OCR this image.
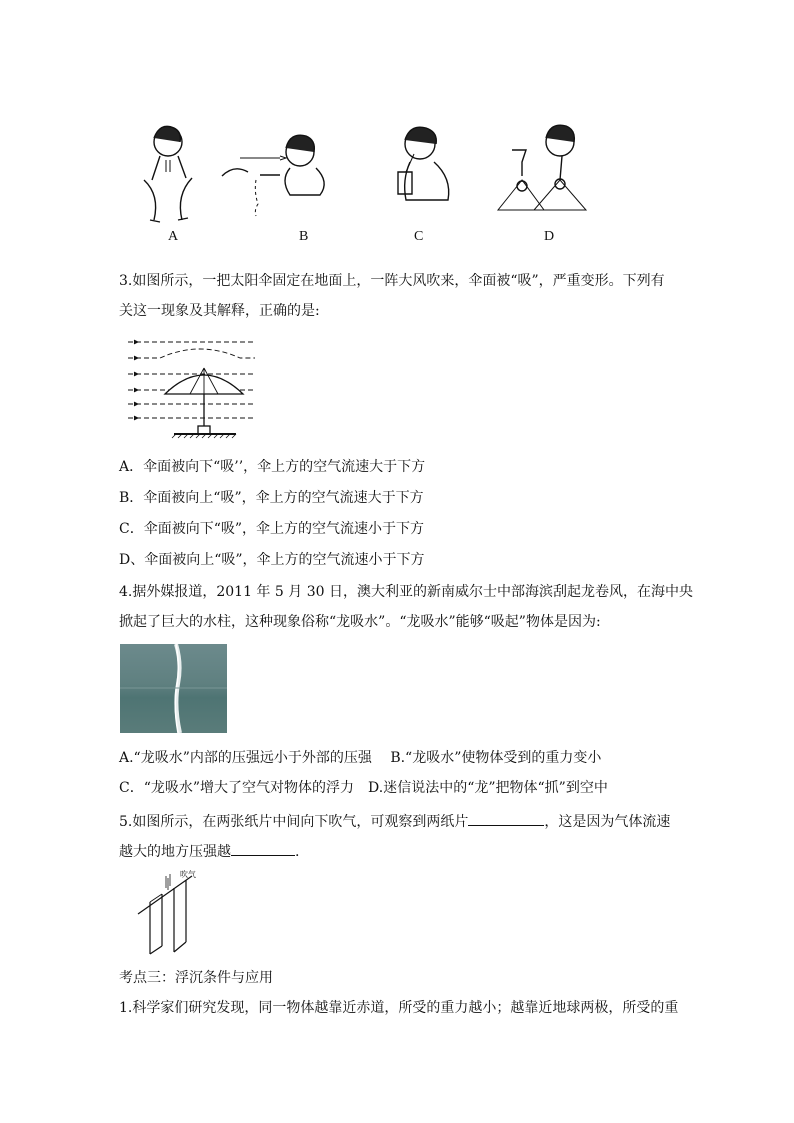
A	B	C	D
3.如图所示，一把太阳伞固定在地面上，一阵大风吹来，伞面被“吸”，严重变形。下列有
关这一现象及其解释，正确的是:
A．伞面被向下“吸’’，伞上方的空气流速大于下方
B．伞面被向上“吸”，伞上方的空气流速大于下方
C．伞面被向下“吸”，伞上方的空气流速小于下方
D、伞面被向上“吸”，伞上方的空气流速小于下方
4.据外媒报道，2011 年 5 月 30 日，澳大利亚的新南威尔士中部海滨刮起龙卷风，在海中央
掀起了巨大的水柱，这种现象俗称“龙吸水”。“龙吸水”能够“吸起”物体是因为:
A.“龙吸水”内部的压强远小于外部的压强　 B.“龙吸水”使物体受到的重力变小
C．“龙吸水”增大了空气对物体的浮力　D.迷信说法中的“龙”把物体“抓”到空中
5.如图所示，在两张纸片中间向下吹气，可观察到两纸片	，这是因为气体流速
越大的地方压强越	.
吹气
考点三：浮沉条件与应用
1.科学家们研究发现，同一物体越靠近赤道，所受的重力越小；越靠近地球两极，所受的重
